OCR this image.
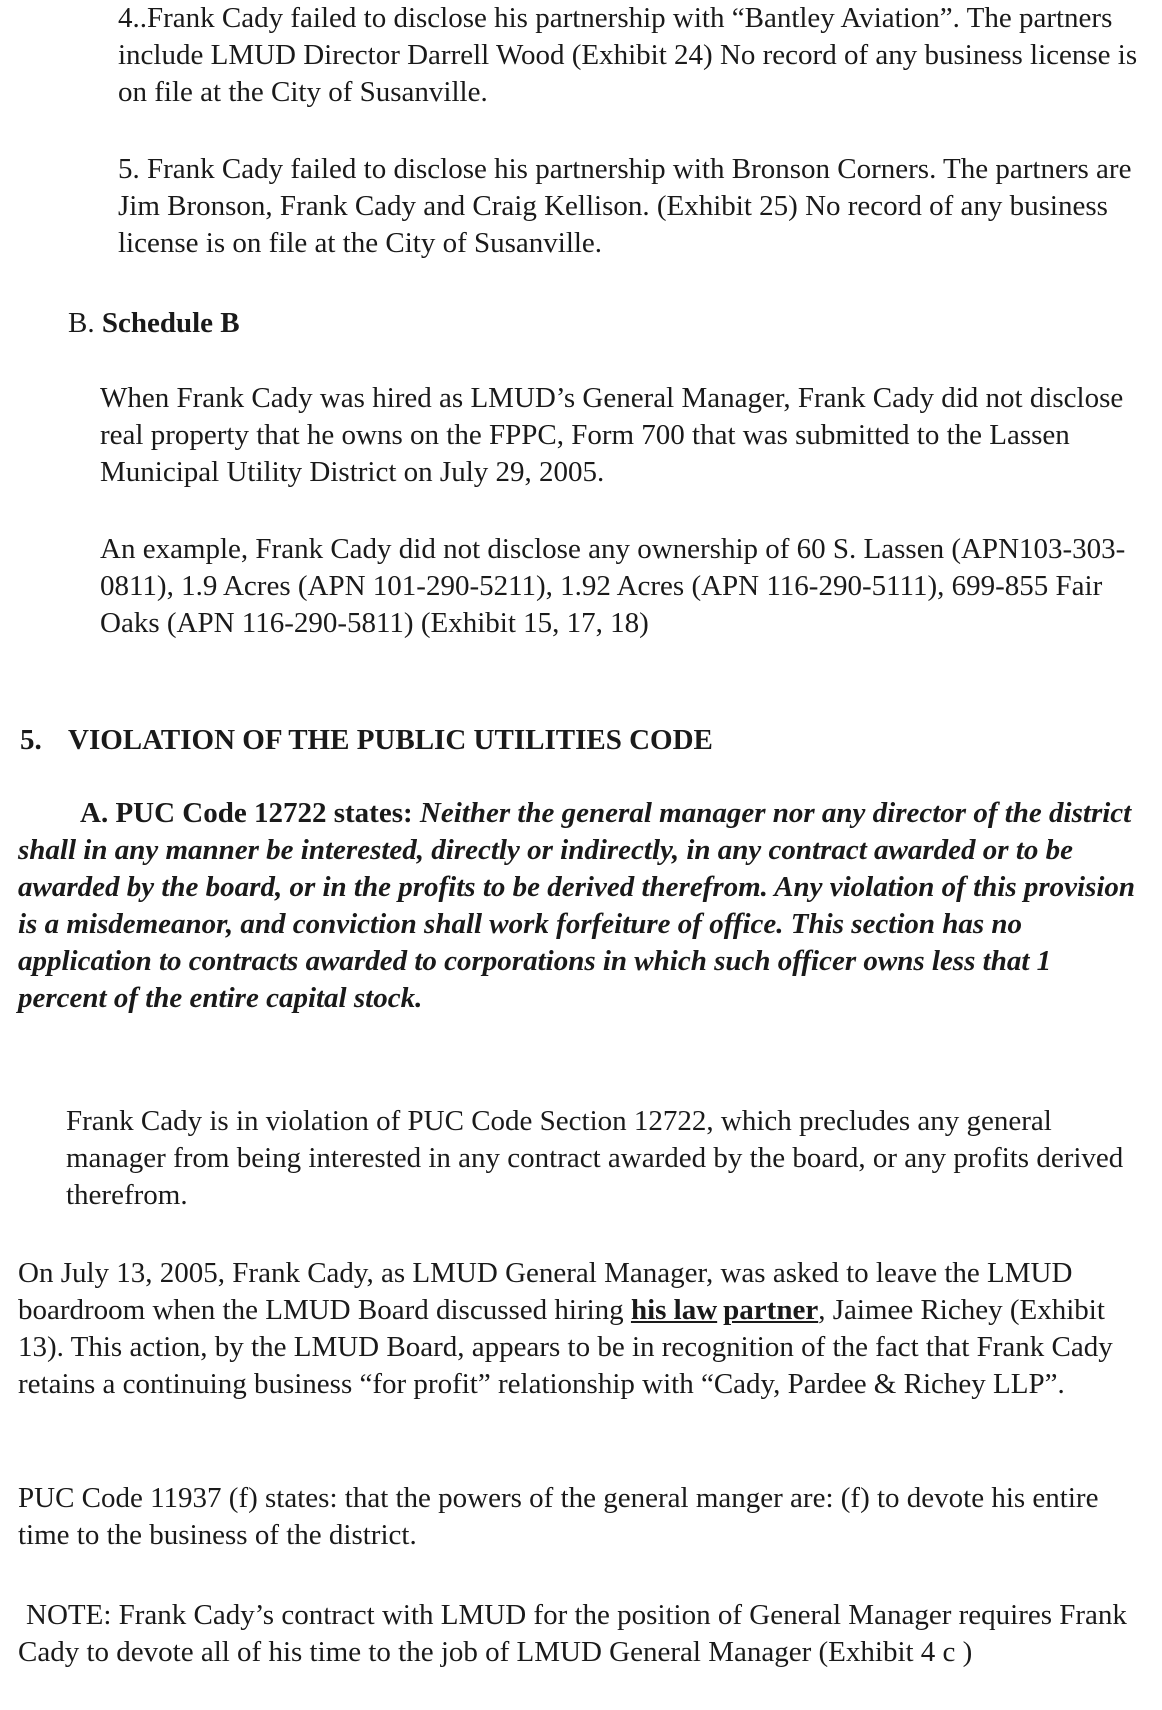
4..Frank Cady failed to disclose his partnership with “Bantley Aviation”. The partners include LMUD Director Darrell Wood (Exhibit 24) No record of any business license is on file at the City of Susanville.

5. Frank Cady failed to disclose his partnership with Bronson Corners. The partners are Jim Bronson, Frank Cady and Craig Kellison. (Exhibit 25) No record of any business license is on file at the City of Susanville.

B. Schedule B

When Frank Cady was hired as LMUD’s General Manager, Frank Cady did not disclose real property that he owns on the FPPC, Form 700 that was submitted to the Lassen Municipal Utility District on July 29, 2005.

An example, Frank Cady did not disclose any ownership of 60 S. Lassen (APN103-303-0811), 1.9 Acres (APN 101-290-5211), 1.92 Acres (APN 116-290-5111), 699-855 Fair Oaks (APN 116-290-5811) (Exhibit 15, 17, 18)

5. VIOLATION OF THE PUBLIC UTILITIES CODE

A. PUC Code 12722 states: Neither the general manager nor any director of the district shall in any manner be interested, directly or indirectly, in any contract awarded or to be awarded by the board, or in the profits to be derived therefrom. Any violation of this provision is a misdemeanor, and conviction shall work forfeiture of office. This section has no application to contracts awarded to corporations in which such officer owns less that 1 percent of the entire capital stock.

Frank Cady is in violation of PUC Code Section 12722, which precludes any general manager from being interested in any contract awarded by the board, or any profits derived therefrom.

On July 13, 2005, Frank Cady, as LMUD General Manager, was asked to leave the LMUD boardroom when the LMUD Board discussed hiring his law partner, Jaimee Richey (Exhibit 13). This action, by the LMUD Board, appears to be in recognition of the fact that Frank Cady retains a continuing business “for profit” relationship with “Cady, Pardee & Richey LLP”.

PUC Code 11937 (f) states: that the powers of the general manger are: (f) to devote his entire time to the business of the district.

NOTE: Frank Cady’s contract with LMUD for the position of General Manager requires Frank Cady to devote all of his time to the job of LMUD General Manager (Exhibit 4 c )
